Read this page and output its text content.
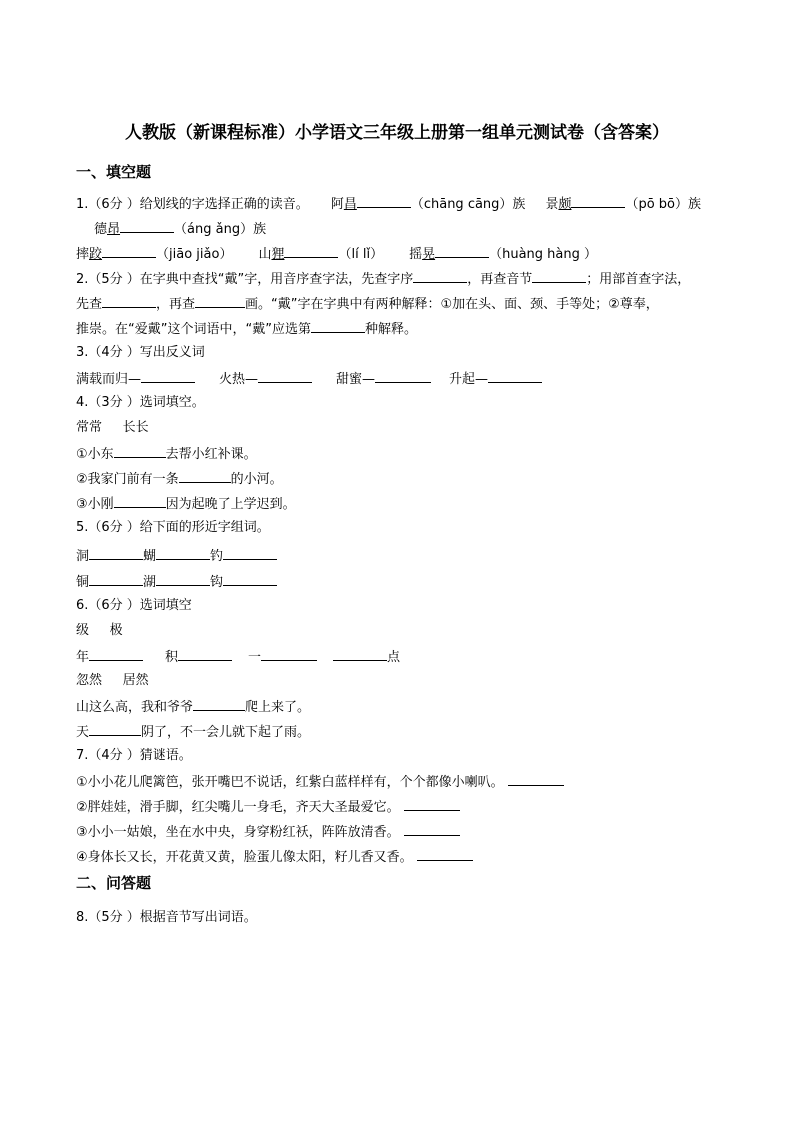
人教版（新课程标准）小学语文三年级上册第一组单元测试卷（含答案）
一、填空题
1.（6分 ）给划线的字选择正确的读音。 阿昌	（chāng cāng）族 景颇	（pō bō）族
德昂	（áng ǎng）族
摔跤	（jiāo jiǎo） 山狸	（lí lǐ） 摇晃	（huàng hàng ）
2.（5分 ）在字典中查找“戴”字，用音序查字法，先查字序	，再查音节	；用部首查字法，
先查	，再查	画。“戴”字在字典中有两种解释：①加在头、面、颈、手等处；②尊奉，
推崇。在“爱戴”这个词语中，“戴”应选第	种解释。
3.（4分 ）写出反义词
满载而归—	火热—	甜蜜—	升起—
4.（3分 ）选词填空。
常常     长长
①小东	去帮小红补课。
②我家门前有一条	的小河。
③小刚	因为起晚了上学迟到。
5.（6分 ）给下面的形近字组词。
洞	蝴	钓
铜	湖	钩
6.（6分 ）选词填空
级     极
年	积	一	点
忽然     居然
山这么高，我和爷爷	爬上来了。
天	阴了，不一会儿就下起了雨。
7.（4分 ）猜谜语。
①小小花儿爬篱笆，张开嘴巴不说话，红紫白蓝样样有，个个都像小喇叭。
②胖娃娃，滑手脚，红尖嘴儿一身毛，齐天大圣最爱它。
③小小一姑娘，坐在水中央，身穿粉红袄，阵阵放清香。
④身体长又长，开花黄又黄，脸蛋儿像太阳，籽儿香又香。
二、问答题
8.（5分 ）根据音节写出词语。
